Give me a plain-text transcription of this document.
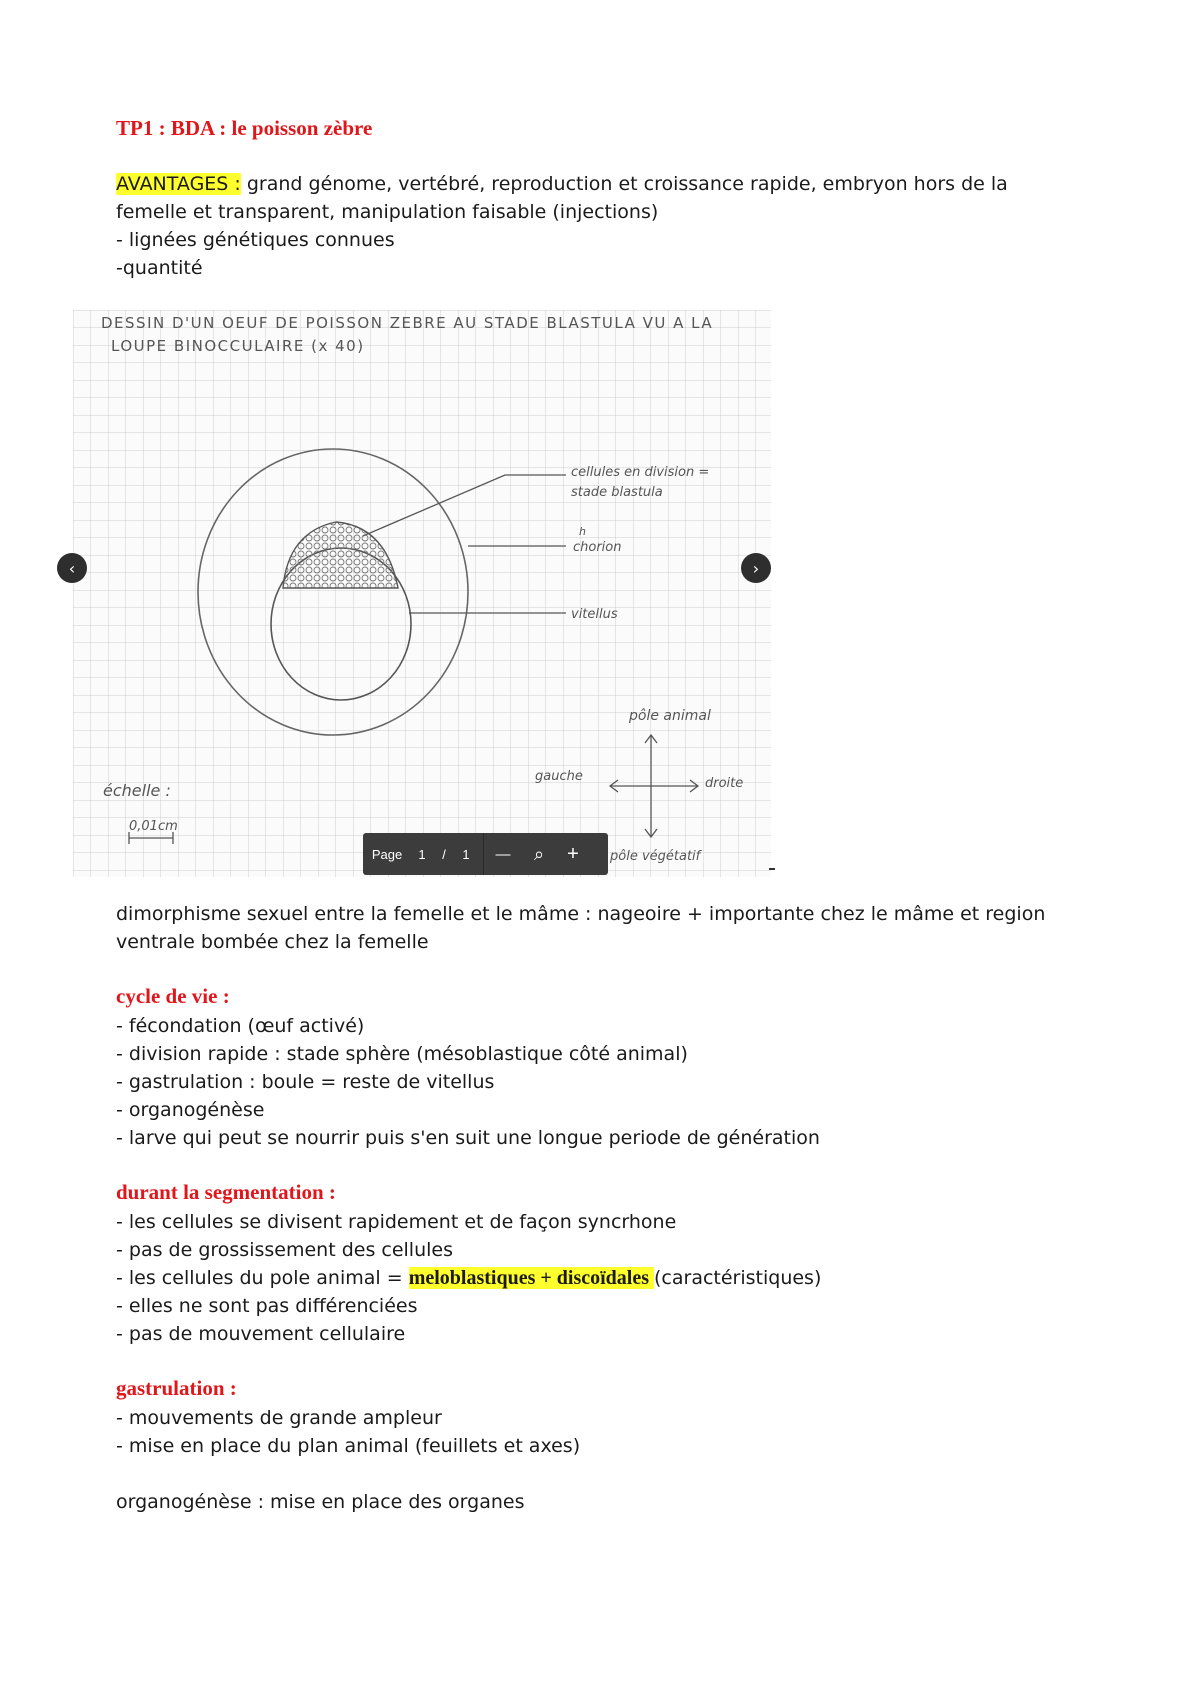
TP1 : BDA : le poisson zèbre
AVANTAGES : grand génome, vertébré, reproduction et croissance rapide, embryon hors de la
femelle et transparent, manipulation faisable (injections)
- lignées génétiques connues
-quantité
DESSIN D'UN OEUF DE POISSON ZEBRE AU STADE BLASTULA VU A LA
LOUPE BINOCCULAIRE (x 40)
cellules en division =
stade blastula
h
chorion
vitellus
pôle animal
gauche	droite
pôle végétatif
échelle :
0,01cm
‹	›
Page	1	/	1	—	⌕	+
dimorphisme sexuel entre la femelle et le mâme : nageoire + importante chez le mâme et region
ventrale bombée chez la femelle
cycle de vie :
- fécondation (œuf activé)
- division rapide : stade sphère (mésoblastique côté animal)
- gastrulation : boule = reste de vitellus
- organogénèse
- larve qui peut se nourrir puis s'en suit une longue periode de génération
durant la segmentation :
- les cellules se divisent rapidement et de façon syncrhone
- pas de grossissement des cellules
- les cellules du pole animal = meloblastiques + discoïdales (caractéristiques)
- elles ne sont pas différenciées
- pas de mouvement cellulaire
gastrulation :
- mouvements de grande ampleur
- mise en place du plan animal (feuillets et axes)
organogénèse : mise en place des organes
